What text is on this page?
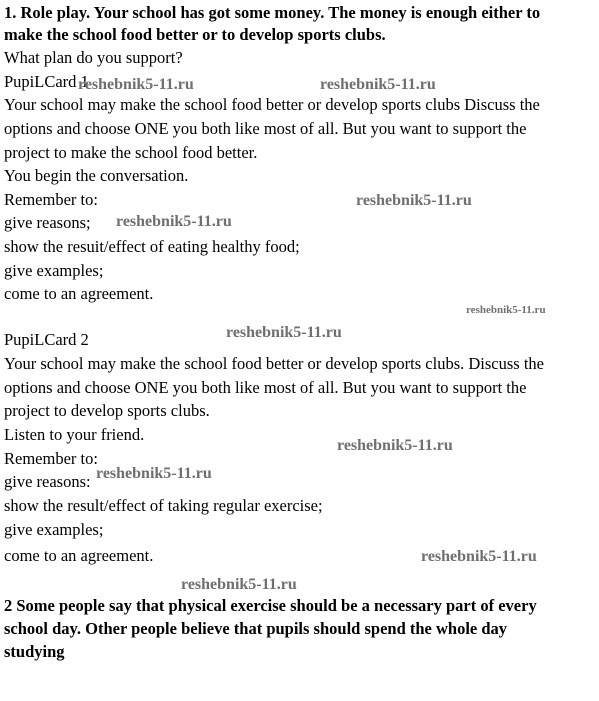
1. Role play. Your school has got some money. The money is enough either to
make the school food better or to develop sports clubs.
What plan do you support?
PupiLCard 1
Your school may make the school food better or develop sports clubs Discuss the
options and choose ONE you both like most of all. But you want to support the
project to make the school food better.
You begin the conversation.
Remember to:
give reasons;
show the resuit/effect of eating healthy food;
give examples;
come to an agreement.
PupiLCard 2
Your school may make the school food better or develop sports clubs. Discuss the
options and choose ONE you both like most of all. But you want to support the
project to develop sports clubs.
Listen to your friend.
Remember to:
give reasons:
show the result/effect of taking regular exercise;
give examples;
come to an agreement.
2 Some people say that physical exercise should be a necessary part of every
school day. Other people believe that pupils should spend the whole day
studying
reshebnik5-11.ru	reshebnik5-11.ru
reshebnik5-11.ru
reshebnik5-11.ru
reshebnik5-11.ru
reshebnik5-11.ru
reshebnik5-11.ru
reshebnik5-11.ru
reshebnik5-11.ru
reshebnik5-11.ru
